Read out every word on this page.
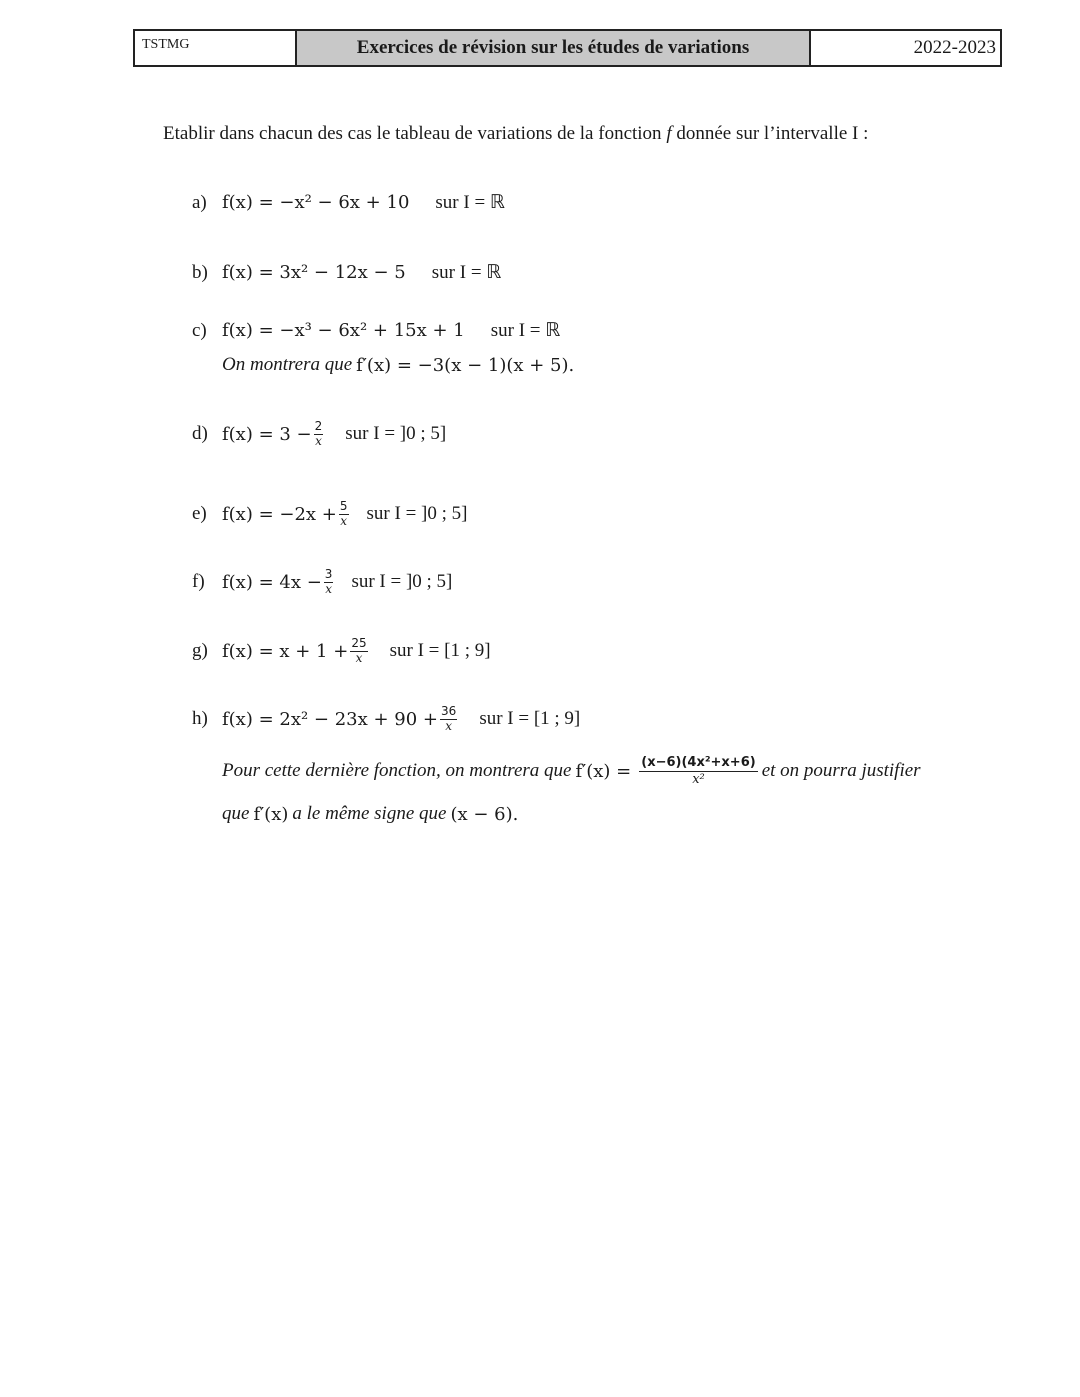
TSTMG	Exercices de révision sur les études de variations	2022-2023
Etablir dans chacun des cas le tableau de variations de la fonction f donnée sur l’intervalle I :
a) f(x) = −x² − 6x + 10 sur I = ℝ
b) f(x) = 3x² − 12x − 5 sur I = ℝ
c) f(x) = −x³ − 6x² + 15x + 1 sur I = ℝ
On montrera que f′(x) = −3(x − 1)(x + 5).
d) $f(x) = 3 - \frac{2}{x}$ sur I = ]0 ; 5]
e) $f(x) = -2x + \frac{5}{x}$ sur I = ]0 ; 5]
f) $f(x) = 4x - \frac{3}{x}$ sur I = ]0 ; 5]
g) $f(x) = x + 1 + \frac{25}{x}$ sur I = [1 ; 9]
h) $f(x) = 2x^2 - 23x + 90 + \frac{36}{x}$ sur I = [1 ; 9]
Pour cette dernière fonction, on montrera que $f'(x) = \frac{\text{(x−6)(4x²+x+6)}}{\text{x²}}$ et on pourra justifier
que f′(x) a le même signe que (x − 6).
